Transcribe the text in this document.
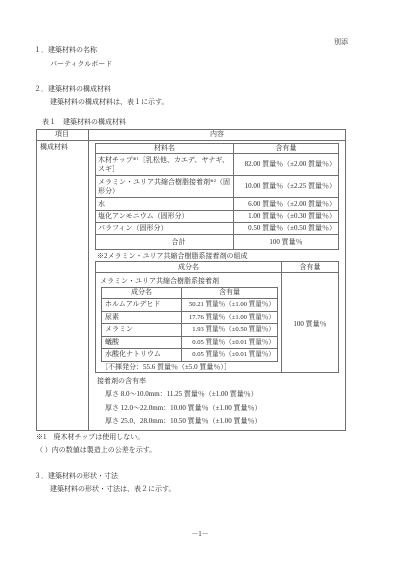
別添
１．建築材料の名称
パーティクルボード
２．建築材料の構成材料
建築材料の構成材料は、表１に示す。
表１　建築材料の構成材料
項目	内容
構成材料	材料名	含有量
木材チップ$^{※1}$［乳松他、カエデ、ヤナギ、スギ］	82.00 質量％（±2.00 質量％）
メラミン・ユリア共縮合樹脂接着剤$^{※2}$（固形分）	10.00 質量％（±2.25 質量％）
水	6.00 質量％（±2.00 質量％）
塩化アンモニウム（固形分）	1.00 質量％（±0.30 質量％）
パラフィン（固形分）	0.50 質量％（±0.50 質量％）
合計	100 質量％
※2メラミン・ユリア共縮合樹脂系接着剤の組成
成分名	含有量

メラミン・ユリア共縮合樹脂系接着剤
成分名	含有量
ホルムアルデヒド	50.21 質量％（±1.00 質量％）
尿素	17.76 質量％（±1.00 質量％）
メラミン	1.93 質量％（±0.50 質量％）
蟻酸	0.05 質量％（±0.01 質量％）
水酸化ナトリウム	0.05 質量％（±0.01 質量％）
［不揮発分：55.6 質量％（±5.0 質量％）］
	100 質量％
接着剤の含有率
厚さ 8.0～10.0mm：11.25 質量％（±1.00 質量％）
厚さ 12.0～22.0mm：10.00 質量％（±1.00 質量％）
厚さ 25.0、28.0mm：10.50 質量％（±1.00 質量％）
※1　廃木材チップは使用しない。
（ ）内の数値は製造上の公差を示す。
３．建築材料の形状・寸法
建築材料の形状・寸法は、表２に示す。
－1－
